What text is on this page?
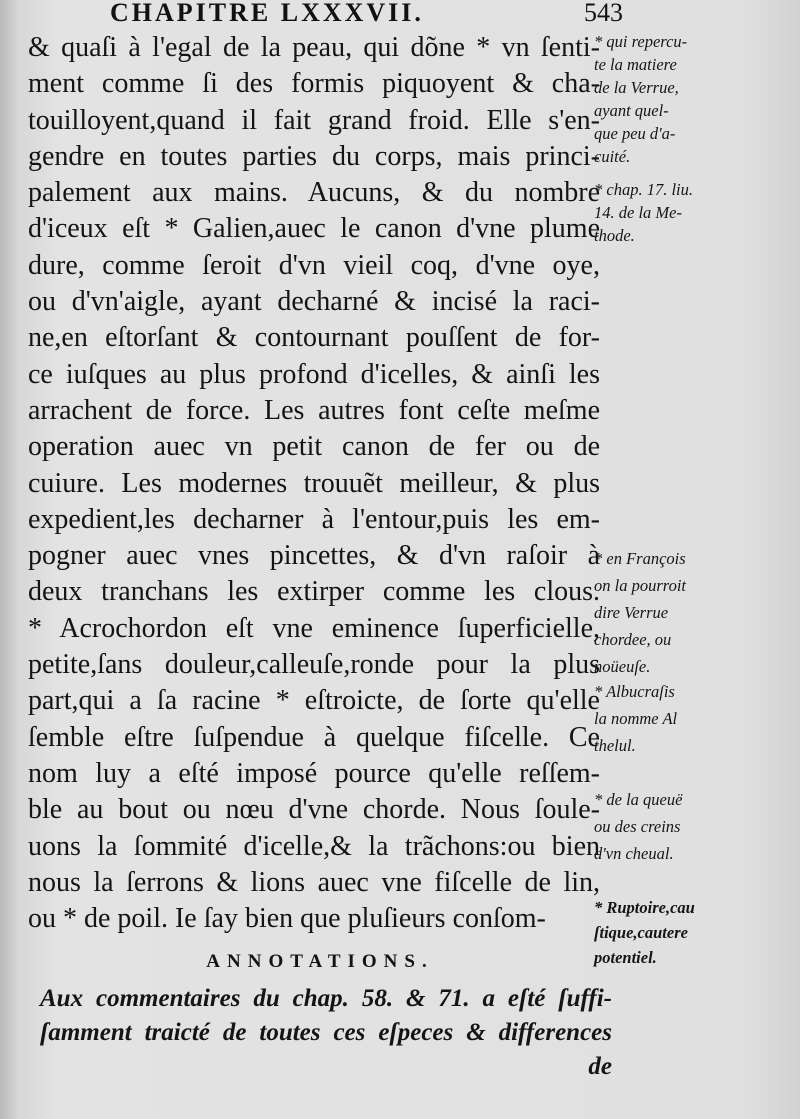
CHAPITRE LXXXVII.	543
& quaſi à l'egal de la peau, qui dõne * vn ſenti-
ment comme ſi des formis piquoyent & cha-
touilloyent,quand il fait grand froid. Elle s'en-
gendre en toutes parties du corps, mais princi-
palement aux mains. Aucuns, & du nombre
d'iceux eſt * Galien,auec le canon d'vne plume
dure, comme ſeroit d'vn vieil coq, d'vne oye,
ou d'vn'aigle, ayant decharné & incisé la raci-
ne,en eſtorſant & contournant pouſſent de for-
ce iuſques au plus profond d'icelles, & ainſi les
arrachent de force. Les autres font ceſte meſme
operation auec vn petit canon de fer ou de
cuiure. Les modernes trouuẽt meilleur, & plus
expedient,les decharner à l'entour,puis les em-
pogner auec vnes pincettes, & d'vn raſoir à
deux tranchans les extirper comme les clous.
* Acrochordon eſt vne eminence ſuperficielle,
petite,ſans douleur,calleuſe,ronde pour la plus
part,qui a ſa racine * eſtroicte, de ſorte qu'elle
ſemble eſtre ſuſpendue à quelque fiſcelle. Ce
nom luy a eſté imposé pource qu'elle reſſem-
ble au bout ou nœu d'vne chorde. Nous ſoule-
uons la ſommité d'icelle,& la trãchons:ou bien
nous la ſerrons & lions auec vne fiſcelle de lin,
ou * de poil. Ie ſay bien que pluſieurs conſom-
* qui repercu-
te la matiere
de la Verrue,
ayant quel-
que peu d'a-
cuité.
* chap. 17. liu.
14. de la Me-
thode.
* en François
on la pourroit
dire Verrue
chordee, ou
noüeuſe.
* Albucraſis
la nomme Al
thelul.
* de la queuë
ou des creins
d'vn cheual.
* Ruptoire,cau
ſtique,cautere
potentiel.
ANNOTATIONS.
Aux commentaires du chap. 58. & 71. a eſté ſuffi-
ſamment traicté de toutes ces eſpeces & differences
de
